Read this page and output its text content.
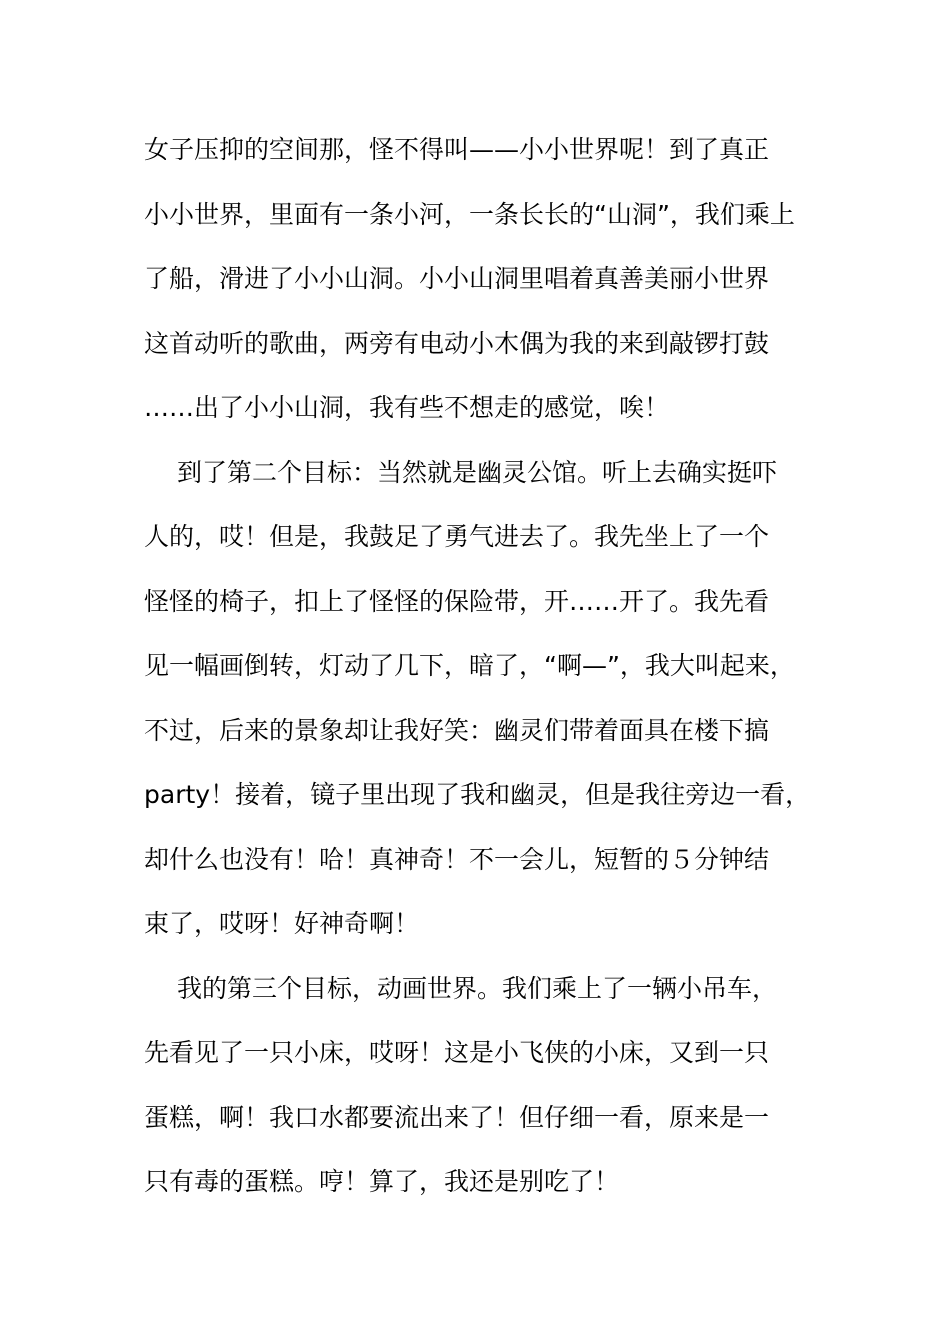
女子压抑的空间那，怪不得叫——小小世界呢！到了真正
小小世界，里面有一条小河，一条长长的“山洞”，我们乘上
了船，滑进了小小山洞。小小山洞里唱着真善美丽小世界
这首动听的歌曲，两旁有电动小木偶为我的来到敲锣打鼓
……出了小小山洞，我有些不想走的感觉，唉！
到了第二个目标：当然就是幽灵公馆。听上去确实挺吓
人的，哎！但是，我鼓足了勇气进去了。我先坐上了一个
怪怪的椅子，扣上了怪怪的保险带，开……开了。我先看
见一幅画倒转，灯动了几下，暗了，“啊—”，我大叫起来，
不过，后来的景象却让我好笑：幽灵们带着面具在楼下搞
party！接着，镜子里出现了我和幽灵，但是我往旁边一看，
却什么也没有！哈！真神奇！不一会儿，短暂的５分钟结
束了，哎呀！好神奇啊！
我的第三个目标，动画世界。我们乘上了一辆小吊车，
先看见了一只小床，哎呀！这是小飞侠的小床，又到一只
蛋糕，啊！我口水都要流出来了！但仔细一看，原来是一
只有毒的蛋糕。哼！算了，我还是别吃了！
